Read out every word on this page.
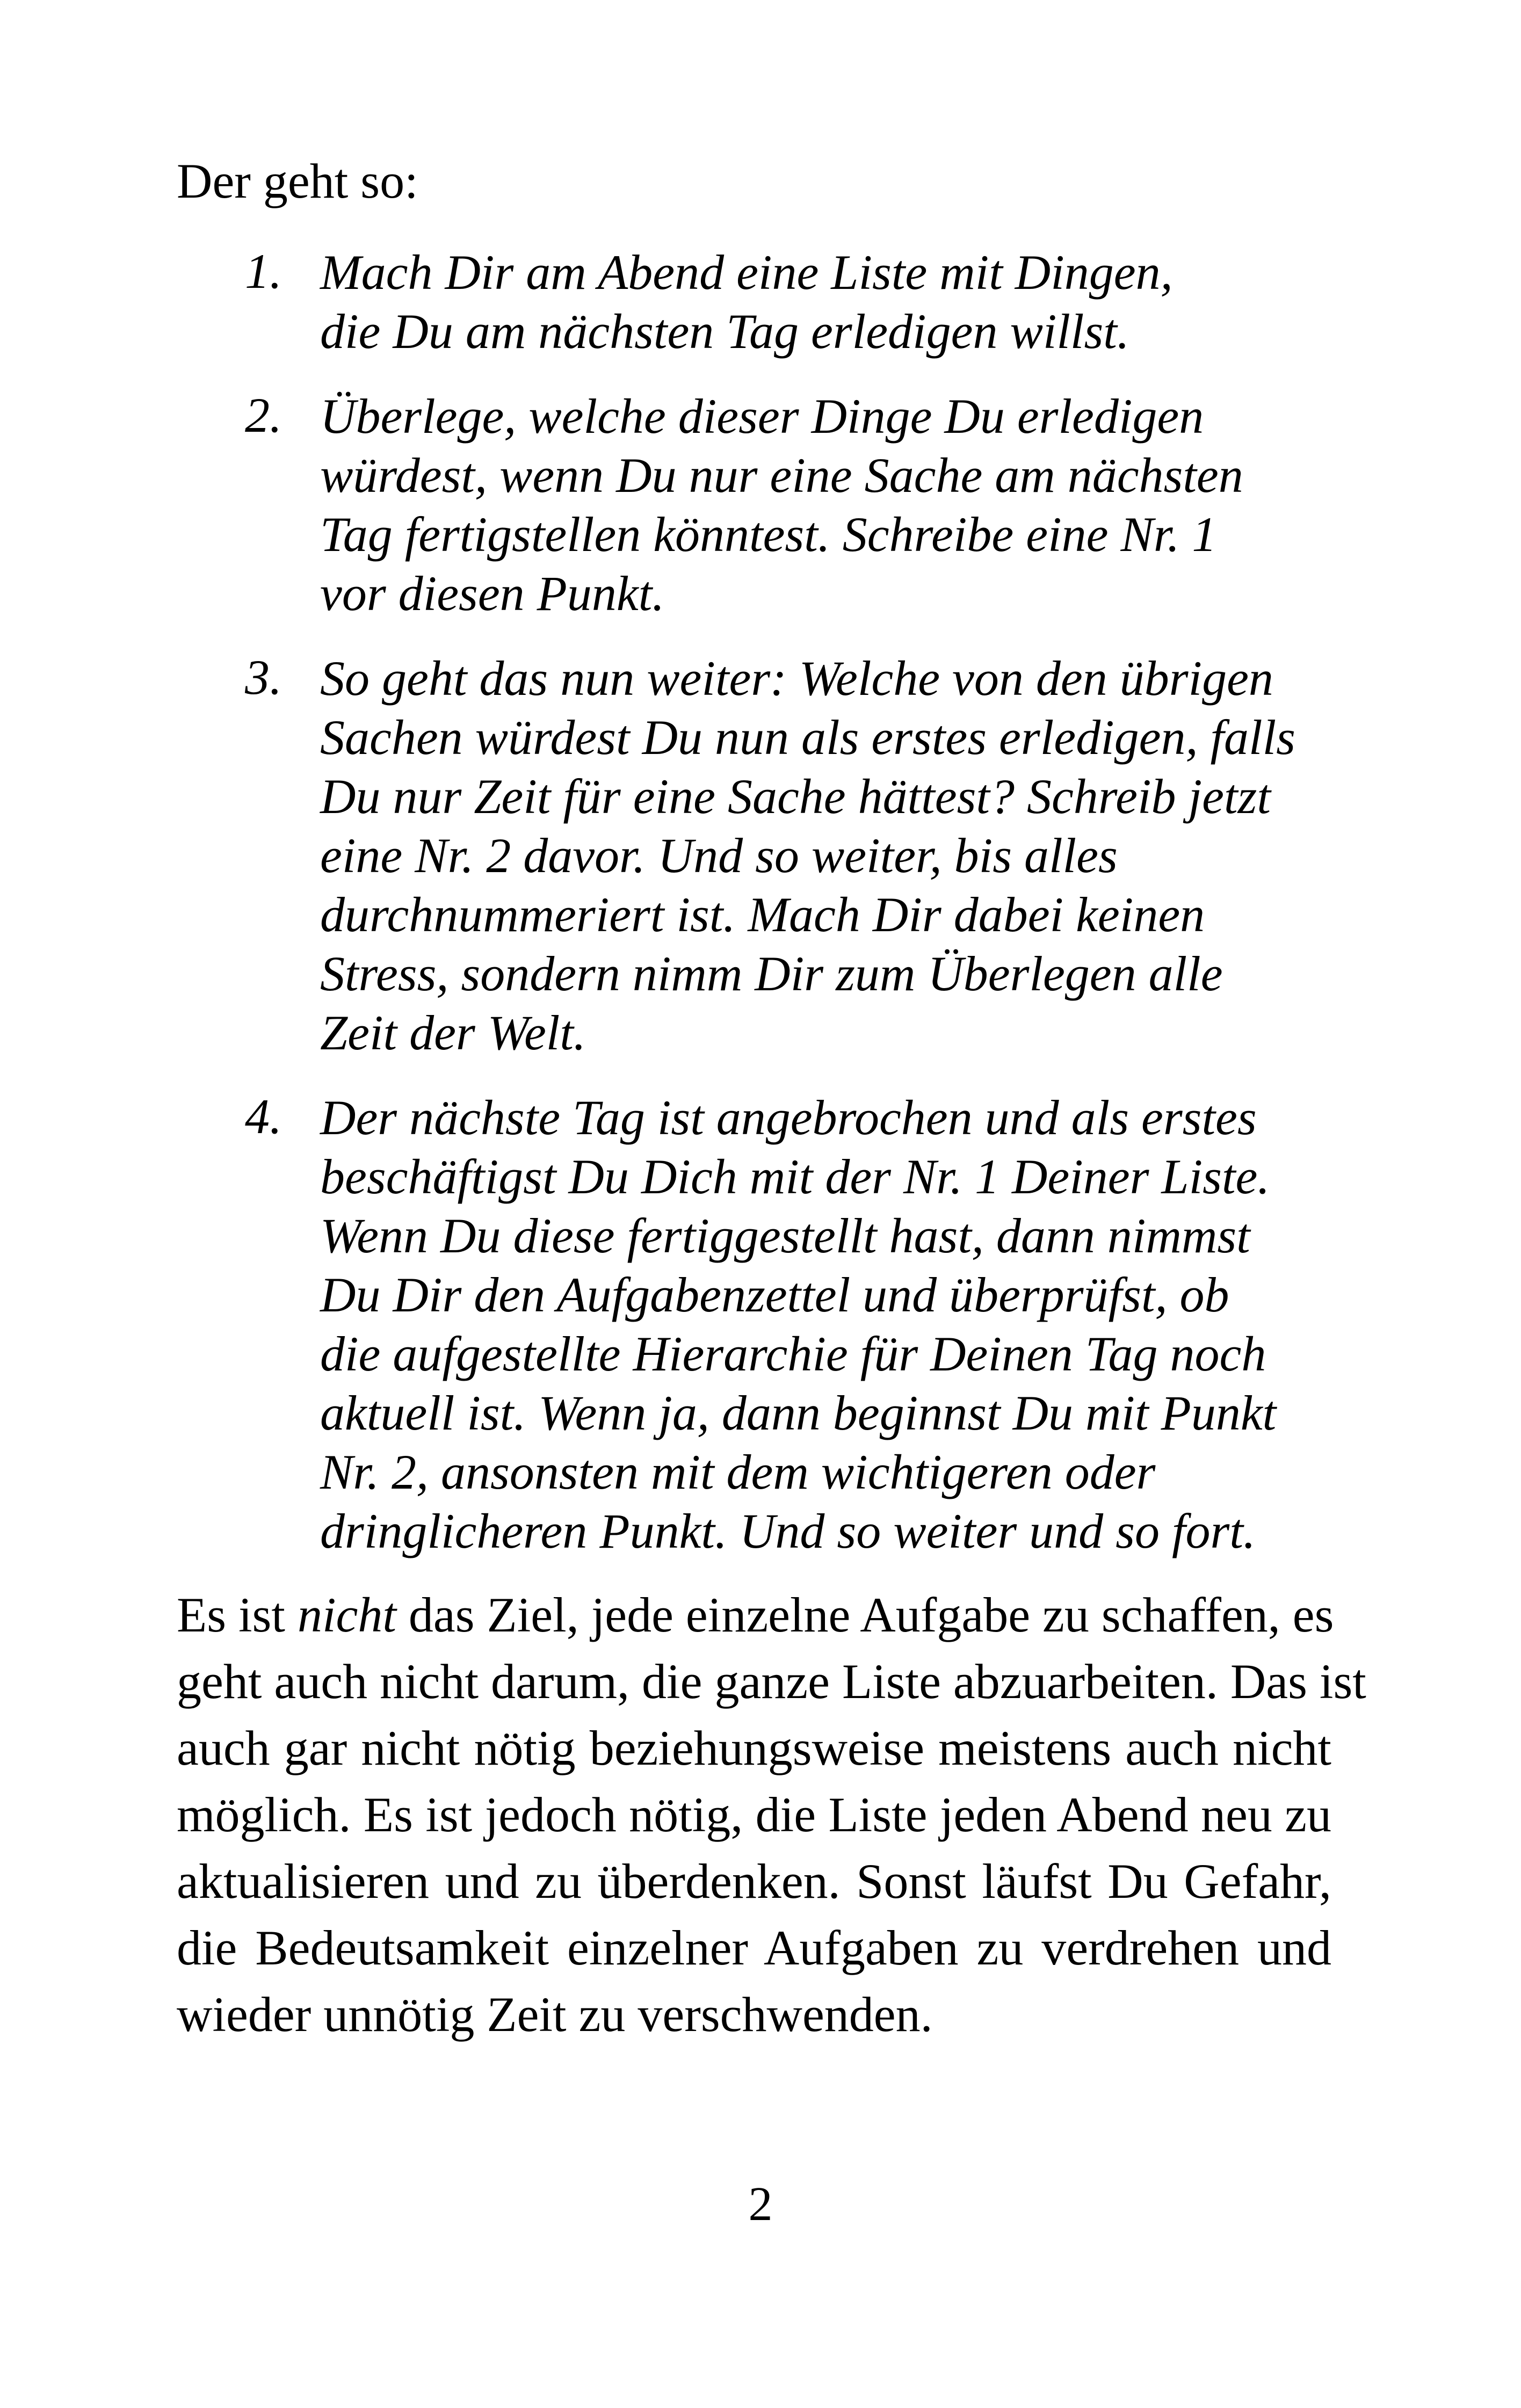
Der geht so:

1. Mach Dir am Abend eine Liste mit Dingen,
die Du am nächsten Tag erledigen willst.
2. Überlege, welche dieser Dinge Du erledigen
würdest, wenn Du nur eine Sache am nächsten
Tag fertigstellen könntest. Schreibe eine Nr. 1
vor diesen Punkt.
3. So geht das nun weiter: Welche von den übrigen
Sachen würdest Du nun als erstes erledigen, falls
Du nur Zeit für eine Sache hättest? Schreib jetzt
eine Nr. 2 davor. Und so weiter, bis alles
durchnummeriert ist. Mach Dir dabei keinen
Stress, sondern nimm Dir zum Überlegen alle
Zeit der Welt.
4. Der nächste Tag ist angebrochen und als erstes
beschäftigst Du Dich mit der Nr. 1 Deiner Liste.
Wenn Du diese fertiggestellt hast, dann nimmst
Du Dir den Aufgabenzettel und überprüfst, ob
die aufgestellte Hierarchie für Deinen Tag noch
aktuell ist. Wenn ja, dann beginnst Du mit Punkt
Nr. 2, ansonsten mit dem wichtigeren oder
dringlicheren Punkt. Und so weiter und so fort.
Es ist nicht das Ziel, jede einzelne Aufgabe zu schaffen, es
geht auch nicht darum, die ganze Liste abzuarbeiten. Das ist
auch gar nicht nötig beziehungsweise meistens auch nicht
möglich. Es ist jedoch nötig, die Liste jeden Abend neu zu
aktualisieren und zu überdenken. Sonst läufst Du Gefahr,
die Bedeutsamkeit einzelner Aufgaben zu verdrehen und
wieder unnötig Zeit zu verschwenden.

2
